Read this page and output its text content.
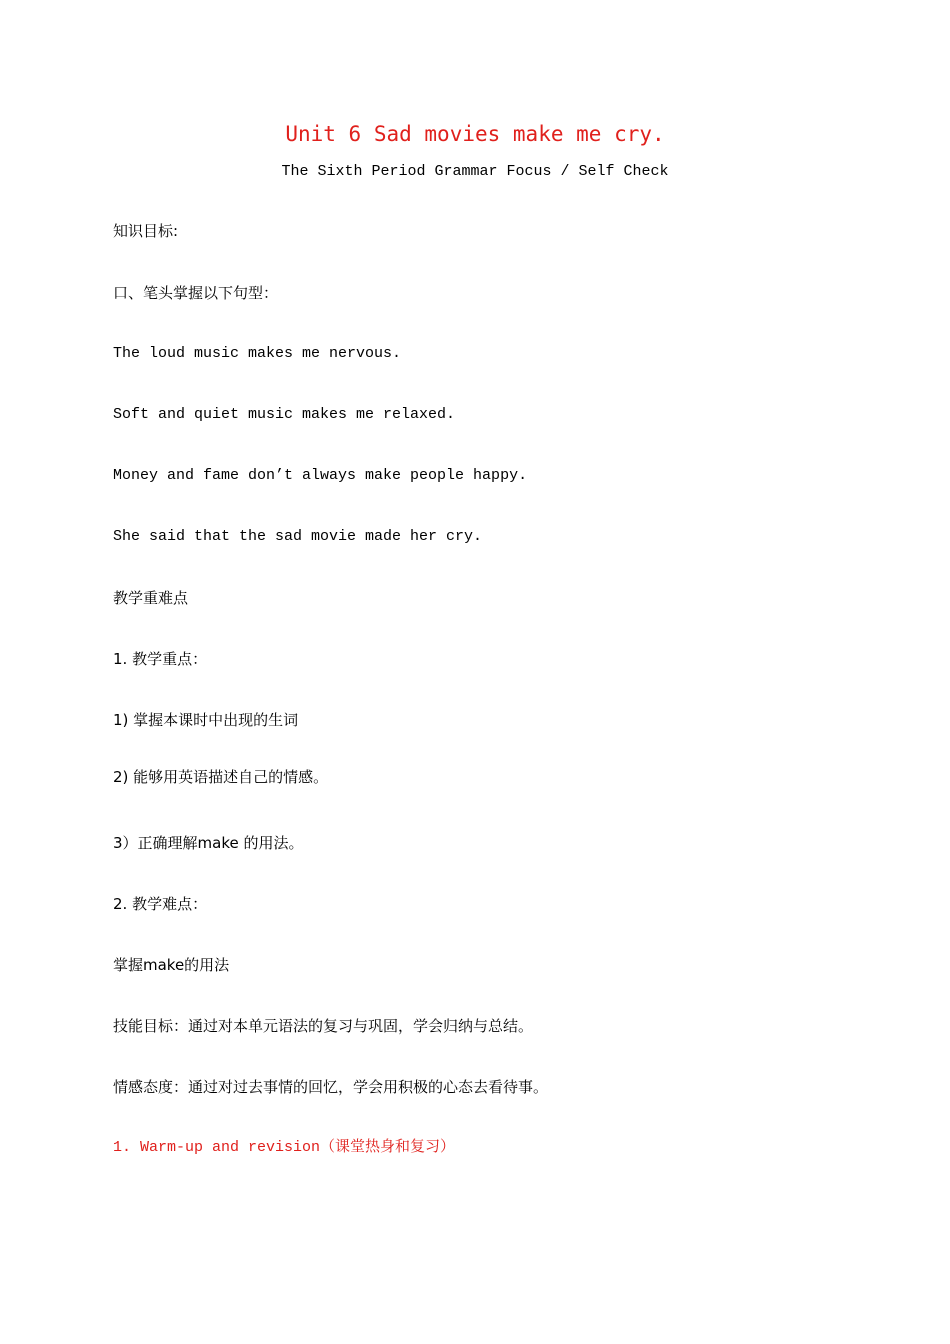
Unit 6 Sad movies make me cry.
The Sixth Period Grammar Focus / Self Check
知识目标:
口、笔头掌握以下句型：
The loud music makes me nervous.
Soft and quiet music makes me relaxed.
Money and fame don’t always make people happy.
She said that the sad movie made her cry.
教学重难点
1. 教学重点：
1) 掌握本课时中出现的生词
2) 能够用英语描述自己的情感。
3）正确理解make 的用法。
2. 教学难点：
掌握make的用法
技能目标：通过对本单元语法的复习与巩固，学会归纳与总结。
情感态度：通过对过去事情的回忆，学会用积极的心态去看待事。
1. Warm-up and revision（课堂热身和复习）
